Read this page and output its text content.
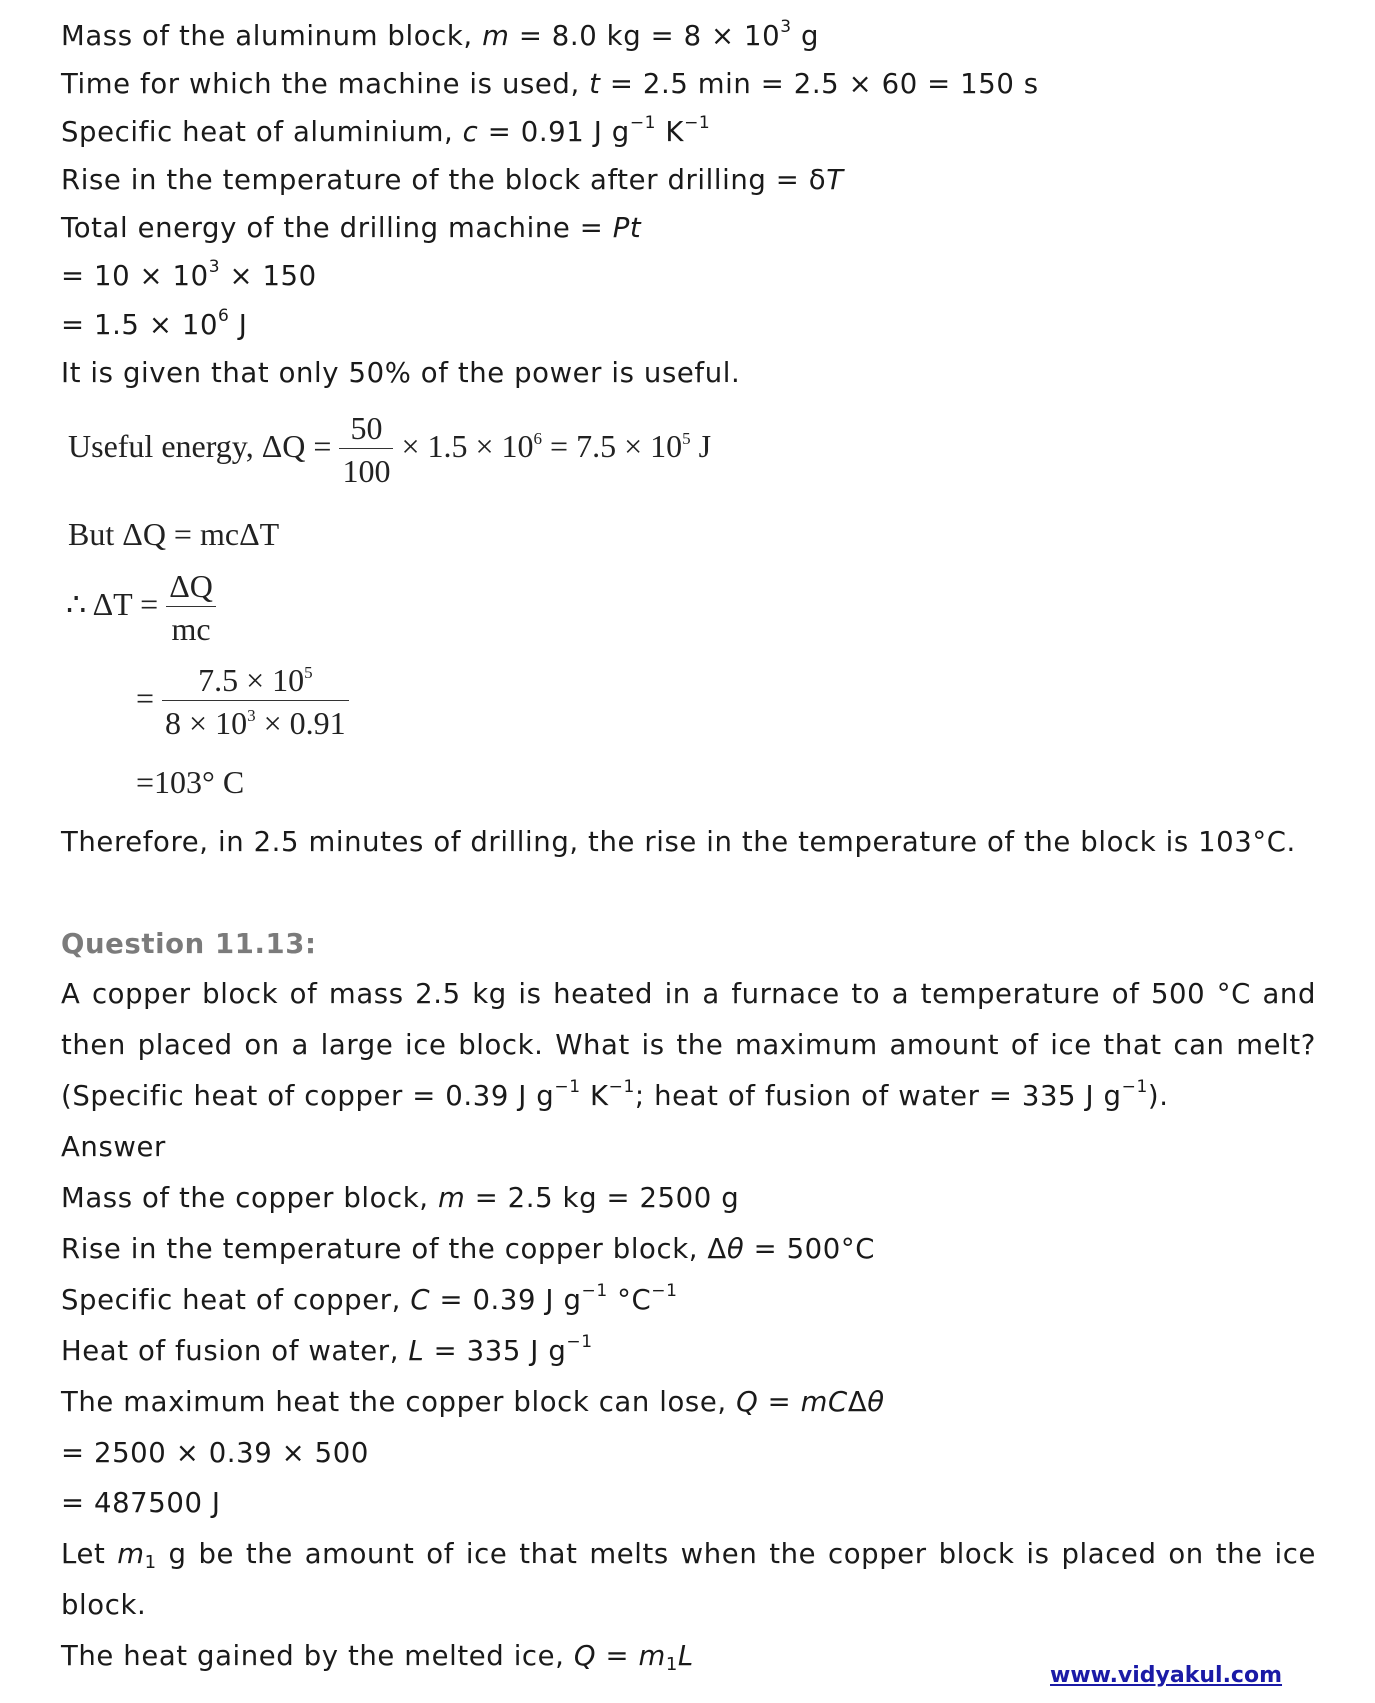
Mass of the aluminum block, m = 8.0 kg = $8 \times 10^3$ g
Time for which the machine is used, t = 2.5 min = 2.5 × 60 = 150 s
Specific heat of aluminium, c = 0.91 J $g^{-1}$ $K^{-1}$
Rise in the temperature of the block after drilling = δT
Total energy of the drilling machine = Pt
= $10 \times 10^3 \times 150$
= $1.5 \times 10^6$ J
It is given that only 50% of the power is useful.
Useful energy, $\Delta Q = \frac{50}{100} \times 1.5 \times 10^6 = 7.5 \times 10^5$ J
But ΔQ = mcΔT
∴ $\Delta T = \frac{\Delta Q}{mc}$
= $\frac{7.5 \times 10^5}{8 \times 10^3 \times 0.91}$
=103° C
Therefore, in 2.5 minutes of drilling, the rise in the temperature of the block is 103°C.
Question 11.13:
A copper block of mass 2.5 kg is heated in a furnace to a temperature of 500 °C and
then placed on a large ice block. What is the maximum amount of ice that can melt?
(Specific heat of copper = 0.39 J $g^{-1}$ $K^{-1}$; heat of fusion of water = 335 J $g^{-1}$).
Answer
Mass of the copper block, m = 2.5 kg = 2500 g
Rise in the temperature of the copper block, Δθ = 500°C
Specific heat of copper, C = 0.39 J $g^{-1}$ $^\circ C^{-1}$
Heat of fusion of water, L = 335 J $g^{-1}$
The maximum heat the copper block can lose, Q = mCΔθ
= 2500 × 0.39 × 500
= 487500 J
Let $m_1$ g be the amount of ice that melts when the copper block is placed on the ice
block.
The heat gained by the melted ice, $Q = m_1L$
www.vidyakul.com
